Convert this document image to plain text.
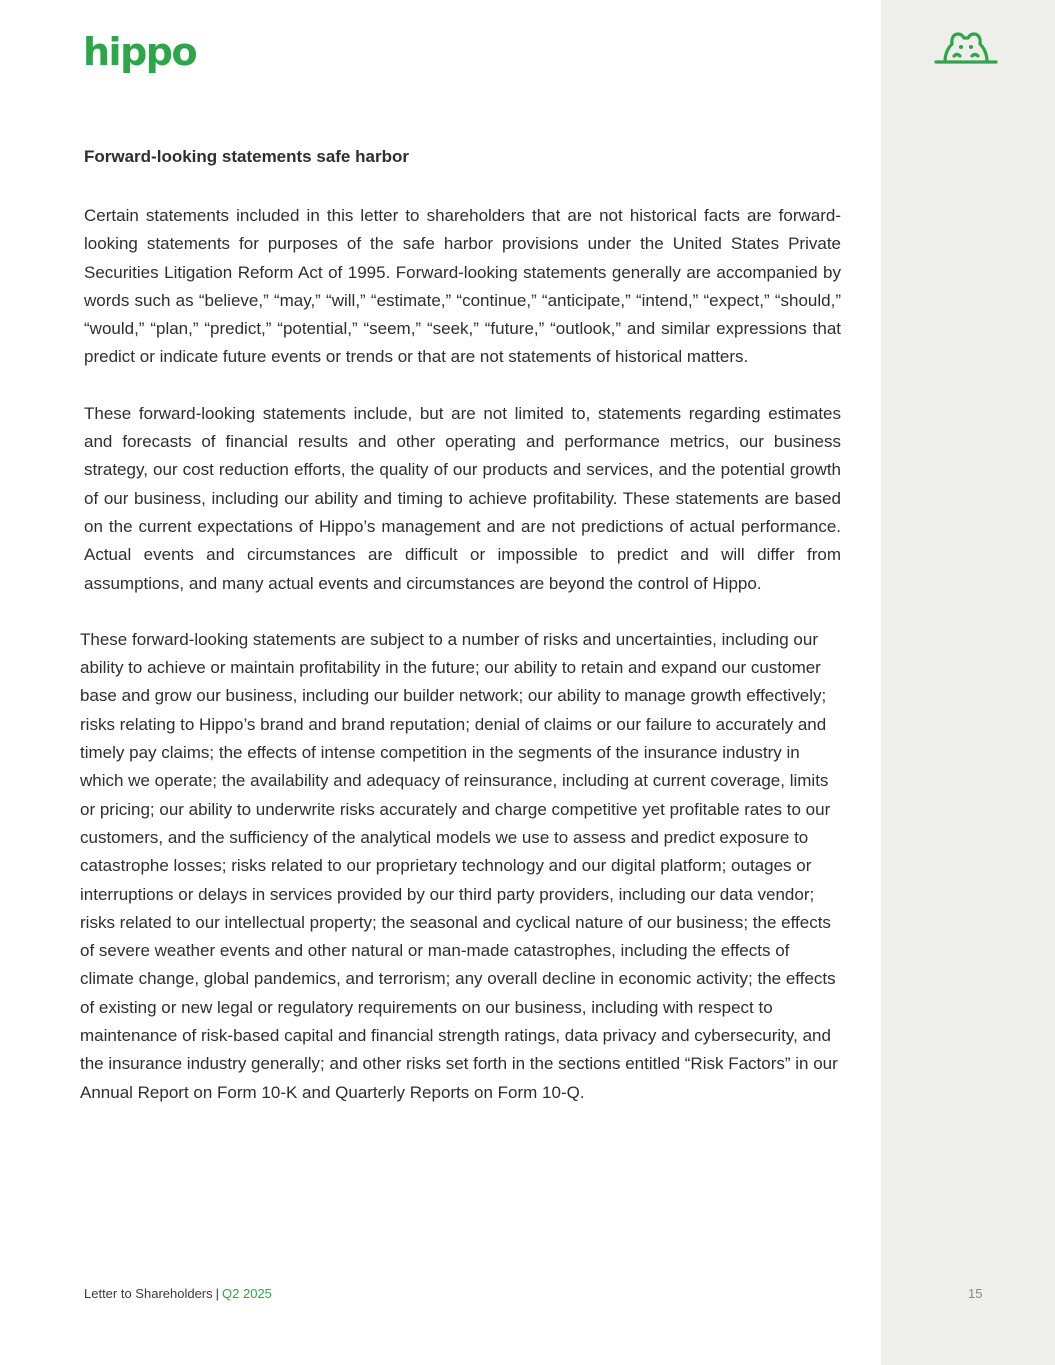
hippo
Forward-looking statements safe harbor

Certain statements included in this letter to shareholders that are not historical facts are forward-looking statements for purposes of the safe harbor provisions under the United States Private Securities Litigation Reform Act of 1995. Forward-looking statements generally are accompanied by words such as “believe,” “may,” “will,” “estimate,” “continue,” “anticipate,” “intend,” “expect,” “should,” “would,” “plan,” “predict,” “potential,” “seem,” “seek,” “future,” “outlook,” and similar expressions that predict or indicate future events or trends or that are not statements of historical matters.

These forward-looking statements include, but are not limited to, statements regarding estimates and forecasts of financial results and other operating and performance metrics, our business strategy, our cost reduction efforts, the quality of our products and services, and the potential growth of our business, including our ability and timing to achieve profitability. These statements are based on the current expectations of Hippo’s management and are not predictions of actual performance. Actual events and circumstances are difficult or impossible to predict and will differ from assumptions, and many actual events and circumstances are beyond the control of Hippo.

These forward-looking statements are subject to a number of risks and uncertainties, including our ability to achieve or maintain profitability in the future; our ability to retain and expand our customer base and grow our business, including our builder network; our ability to manage growth effectively; risks relating to Hippo’s brand and brand reputation; denial of claims or our failure to accurately and timely pay claims; the effects of intense competition in the segments of the insurance industry in which we operate; the availability and adequacy of reinsurance, including at current coverage, limits or pricing; our ability to underwrite risks accurately and charge competitive yet profitable rates to our customers, and the sufficiency of the analytical models we use to assess and predict exposure to catastrophe losses; risks related to our proprietary technology and our digital platform; outages or interruptions or delays in services provided by our third party providers, including our data vendor; risks related to our intellectual property; the seasonal and cyclical nature of our business; the effects of severe weather events and other natural or man-made catastrophes, including the effects of climate change, global pandemics, and terrorism; any overall decline in economic activity; the effects of existing or new legal or regulatory requirements on our business, including with respect to maintenance of risk-based capital and financial strength ratings, data privacy and cybersecurity, and the insurance industry generally; and other risks set forth in the sections entitled “Risk Factors” in our Annual Report on Form 10-K and Quarterly Reports on Form 10-Q.

Letter to Shareholders | Q2 2025	15
